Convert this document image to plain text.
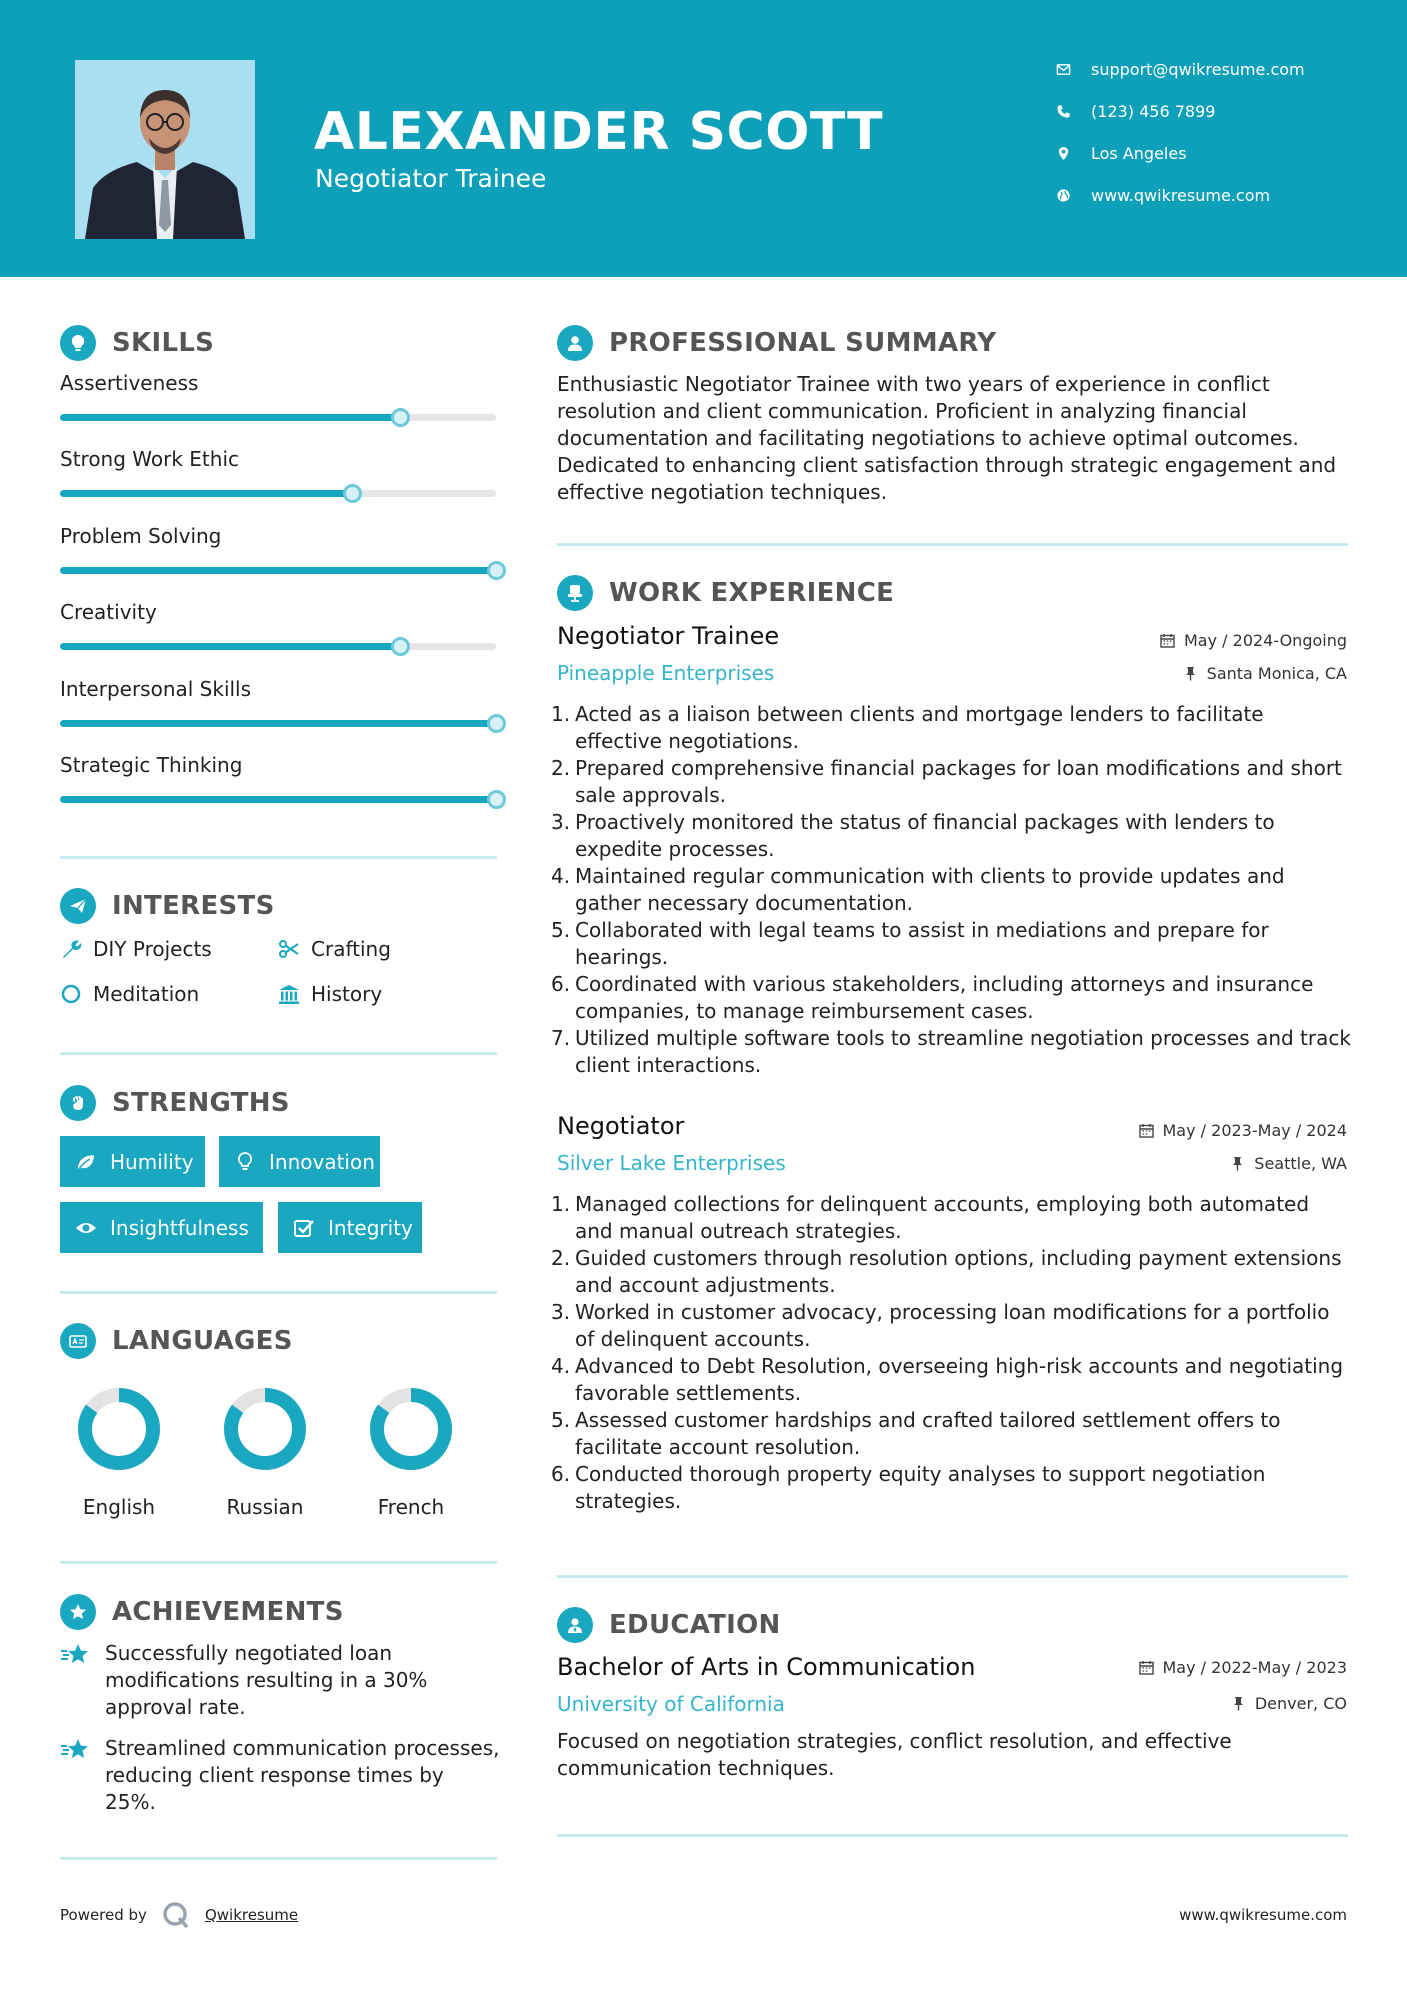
ALEXANDER SCOTT
Negotiator Trainee
support@qwikresume.com
(123) 456 7899
Los Angeles
www.qwikresume.com
SKILLS
Assertiveness
Strong Work Ethic
Problem Solving
Creativity
Interpersonal Skills
Strategic Thinking
INTERESTS
DIY Projects	Crafting
Meditation	History
STRENGTHS
Humility	Innovation
Insightfulness	Integrity
LANGUAGES
English	Russian	French
ACHIEVEMENTS
Successfully negotiated loan modifications resulting in a 30% approval rate.
Streamlined communication processes, reducing client response times by 25%.
PROFESSIONAL SUMMARY
Enthusiastic Negotiator Trainee with two years of experience in conflict resolution and client communication. Proficient in analyzing financial documentation and facilitating negotiations to achieve optimal outcomes. Dedicated to enhancing client satisfaction through strategic engagement and effective negotiation techniques.
WORK EXPERIENCE
Negotiator Trainee
Pineapple Enterprises
May / 2024-Ongoing
Santa Monica, CA
1. Acted as a liaison between clients and mortgage lenders to facilitate effective negotiations.
2. Prepared comprehensive financial packages for loan modifications and short sale approvals.
3. Proactively monitored the status of financial packages with lenders to expedite processes.
4. Maintained regular communication with clients to provide updates and gather necessary documentation.
5. Collaborated with legal teams to assist in mediations and prepare for hearings.
6. Coordinated with various stakeholders, including attorneys and insurance companies, to manage reimbursement cases.
7. Utilized multiple software tools to streamline negotiation processes and track client interactions.
Negotiator
Silver Lake Enterprises
May / 2023-May / 2024
Seattle, WA
1. Managed collections for delinquent accounts, employing both automated and manual outreach strategies.
2. Guided customers through resolution options, including payment extensions and account adjustments.
3. Worked in customer advocacy, processing loan modifications for a portfolio of delinquent accounts.
4. Advanced to Debt Resolution, overseeing high-risk accounts and negotiating favorable settlements.
5. Assessed customer hardships and crafted tailored settlement offers to facilitate account resolution.
6. Conducted thorough property equity analyses to support negotiation strategies.
EDUCATION
Bachelor of Arts in Communication
University of California
May / 2022-May / 2023
Denver, CO
Focused on negotiation strategies, conflict resolution, and effective communication techniques.
Powered by	Qwikresume	www.qwikresume.com
